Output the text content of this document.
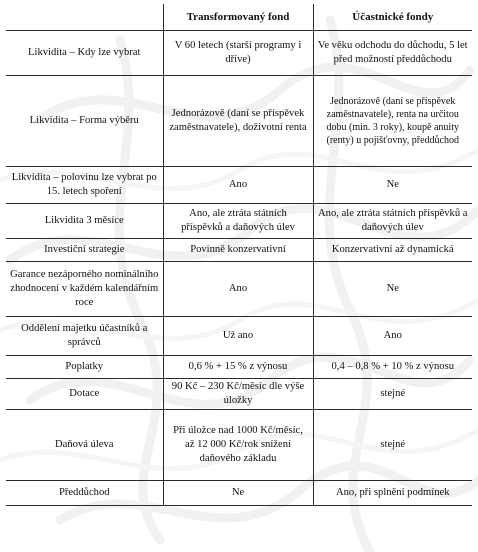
	Transformovaný fond	Účastnické fondy
Likvidita – Kdy lze vybrat	V 60 letech (starší programy i dříve)	Ve věku odchodu do důchodu, 5 let před možností předdůchodu
Likvidita – Forma výběru	Jednorázově (daní se příspěvek zaměstnavatele), doživotní renta	Jednorázově (daní se příspěvek zaměstnavatele), renta na určitou dobu (min. 3 roky), koupě anuity (renty) u pojišťovny, předdůchod
Likvidita – polovinu lze vybrat po 15. letech spoření	Ano	Ne
Likvidita 3 měsíce	Ano, ale ztráta státních příspěvků a daňových úlev	Ano, ale ztráta státních příspěvků a daňových úlev
Investiční strategie	Povinně konzervativní	Konzervativní až dynamická
Garance nezáporného nominálního zhodnocení v každém kalendářním roce	Ano	Ne
Oddělení majetku účastníků a správců	Už ano	Ano
Poplatky	0,6 % + 15 % z výnosu	0,4 – 0,8 % + 10 % z výnosu
Dotace	90 Kč – 230 Kč/měsíc dle výše úložky	stejné
Daňová úleva	Při úložce nad 1000 Kč/měsíc, až 12 000 Kč/rok snížení daňového základu	stejné
Předdůchod	Ne	Ano, při splnění podmínek
